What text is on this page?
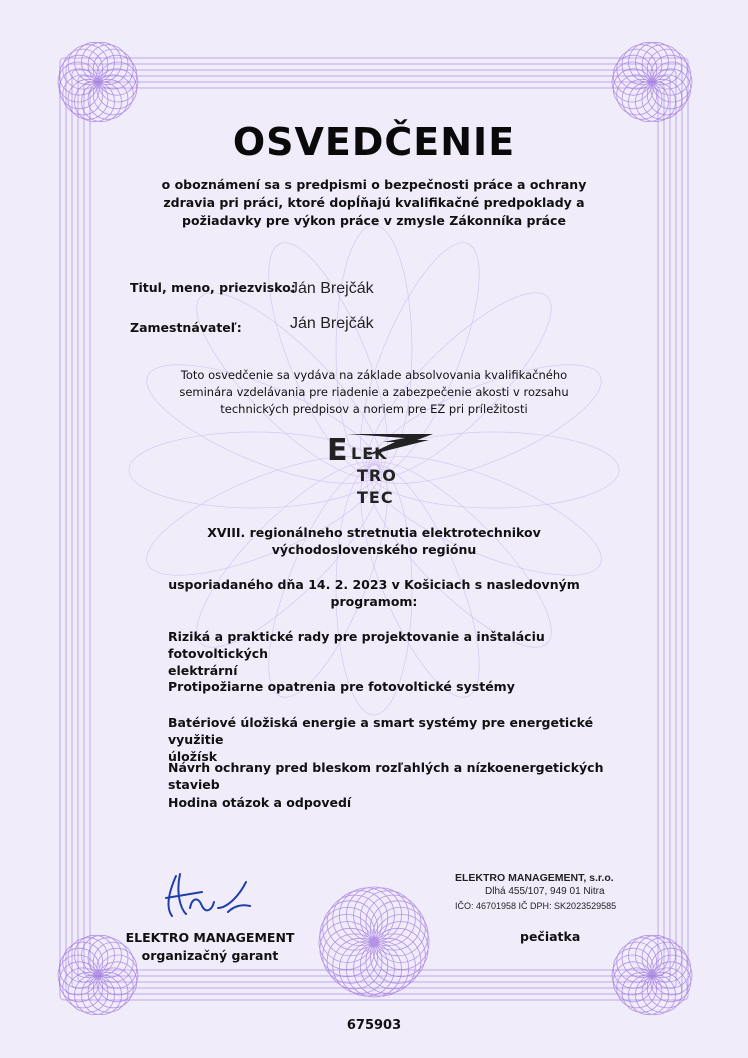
OSVEDČENIE
o oboznámení sa s predpismi o bezpečnosti práce a ochrany
zdravia pri práci, ktoré dopĺňajú kvalifikačné predpoklady a
požiadavky pre výkon práce v zmysle Zákonníka práce
Titul, meno, priezvisko:
Ján Brejčák
Zamestnávateľ:	Ján Brejčák
Toto osvedčenie sa vydáva na základe absolvovania kvalifikačného
seminára vzdelávania pre riadenie a zabezpečenie akosti v rozsahu
technických predpisov a noriem pre EZ pri príležitosti
E LEK
TRO
TEC
XVIII. regionálneho stretnutia elektrotechnikov
východoslovenského regiónu
usporiadaného dňa 14. 2. 2023 v Košiciach s nasledovným
programom:
Riziká a praktické rady pre projektovanie a inštaláciu fotovoltických
elektrární
Protipožiarne opatrenia pre fotovoltické systémy
Batériové úložiská energie a smart systémy pre energetické využitie
úložísk
Návrh ochrany pred bleskom rozľahlých a nízkoenergetických stavieb
Hodina otázok a odpovedí
ELEKTRO MANAGEMENT
organizačný garant
ELEKTRO MANAGEMENT, s.r.o.
Dlhá 455/107, 949 01 Nitra
IČO: 46701958 IČ DPH: SK2023529585
pečiatka
675903
